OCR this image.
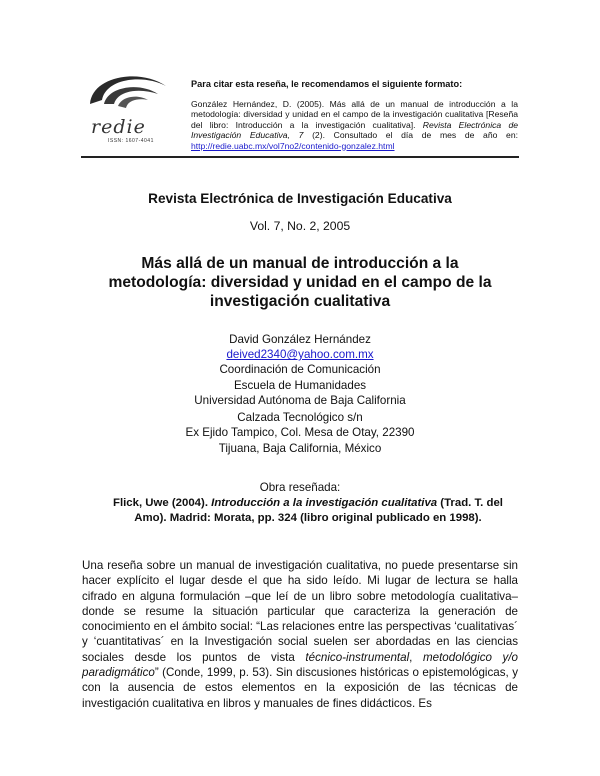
redie
ISSN: 1607-4041
Para citar esta reseña, le recomendamos el siguiente formato:
González Hernández, D. (2005). Más allá de un manual de introducción a la metodología: diversidad y unidad en el campo de la investigación cualitativa [Reseña del libro: Introducción a la investigación cualitativa]. Revista Electrónica de Investigación Educativa, 7 (2). Consultado el día de mes de año en: http://redie.uabc.mx/vol7no2/contenido-gonzalez.html
Revista Electrónica de Investigación Educativa
Vol. 7, No. 2, 2005
Más allá de un manual de introducción a la metodología: diversidad y unidad en el campo de la investigación cualitativa
David González Hernández
deived2340@yahoo.com.mx
Coordinación de Comunicación
Escuela de Humanidades
Universidad Autónoma de Baja California
Calzada Tecnológico s/n
Ex Ejido Tampico, Col. Mesa de Otay, 22390
Tijuana, Baja California, México
Obra reseñada:
Flick, Uwe (2004). Introducción a la investigación cualitativa (Trad. T. del Amo). Madrid: Morata, pp. 324 (libro original publicado en 1998).
Una reseña sobre un manual de investigación cualitativa, no puede presentarse sin hacer explícito el lugar desde el que ha sido leído. Mi lugar de lectura se halla cifrado en alguna formulación –que leí de un libro sobre metodología cualitativa– donde se resume la situación particular que caracteriza la generación de conocimiento en el ámbito social: “Las relaciones entre las perspectivas ‘cualitativas´ y ‘cuantitativas´ en la Investigación social suelen ser abordadas en las ciencias sociales desde los puntos de vista técnico-instrumental, metodológico y/o paradigmático” (Conde, 1999, p. 53). Sin discusiones históricas o epistemológicas, y con la ausencia de estos elementos en la exposición de las técnicas de investigación cualitativa en libros y manuales de fines didácticos. Es
